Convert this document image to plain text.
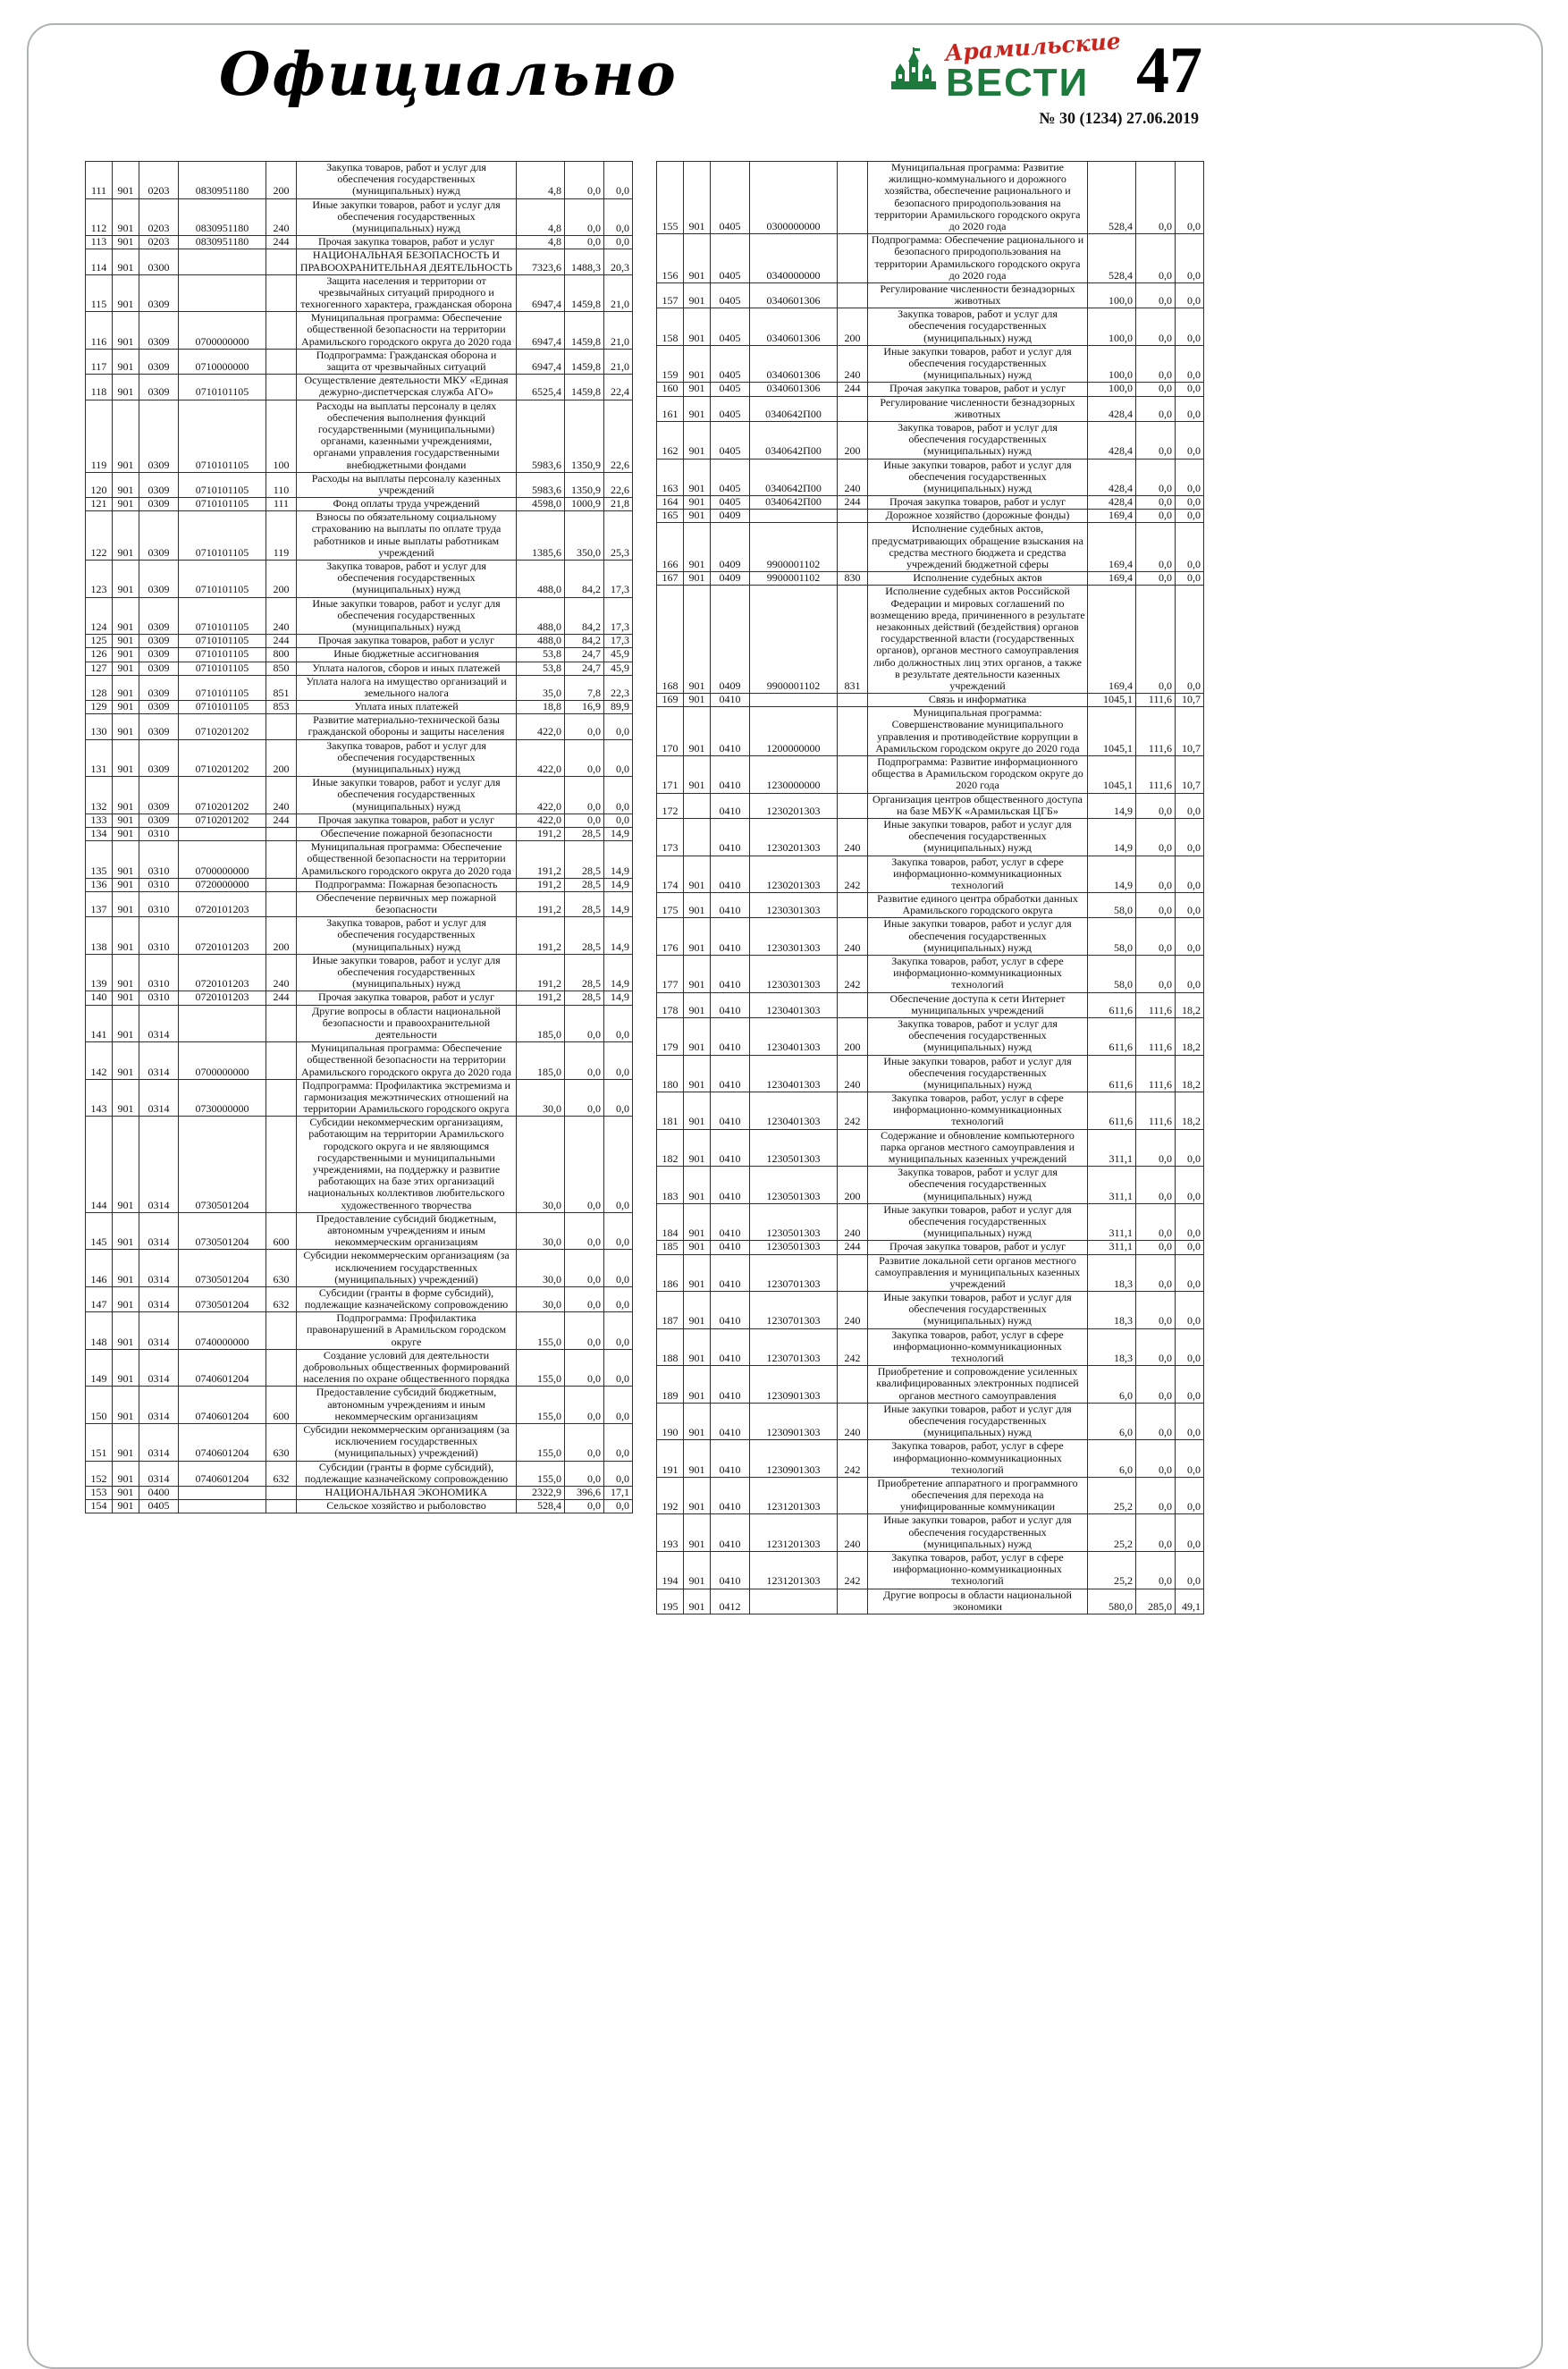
Официально	Арамильские
ВЕСТИ 47
№ 30 (1234) 27.06.2019
111	901	0203	0830951180	200	Закупка товаров, работ и услуг для обеспечения государственных (муниципальных) нужд	4,8	0,0	0,0
112	901	0203	0830951180	240	Иные закупки товаров, работ и услуг для обеспечения государственных (муниципальных) нужд	4,8	0,0	0,0
113	901	0203	0830951180	244	Прочая закупка товаров, работ и услуг	4,8	0,0	0,0
114	901	0300			НАЦИОНАЛЬНАЯ БЕЗОПАСНОСТЬ И ПРАВООХРАНИТЕЛЬНАЯ ДЕЯТЕЛЬНОСТЬ	7323,6	1488,3	20,3
115	901	0309			Защита населения и территории от чрезвычайных ситуаций природного и техногенного характера, гражданская оборона	6947,4	1459,8	21,0
116	901	0309	0700000000		Муниципальная программа: Обеспечение общественной безопасности на территории Арамильского городского округа до 2020 года	6947,4	1459,8	21,0
117	901	0309	0710000000		Подпрограмма: Гражданская оборона и защита от чрезвычайных ситуаций	6947,4	1459,8	21,0
118	901	0309	0710101105		Осуществление деятельности МКУ «Единая дежурно-диспетчерская служба АГО»	6525,4	1459,8	22,4
119	901	0309	0710101105	100	Расходы на выплаты персоналу в целях обеспечения выполнения функций государственными (муниципальными) органами, казенными учреждениями, органами управления государственными внебюджетными фондами	5983,6	1350,9	22,6
120	901	0309	0710101105	110	Расходы на выплаты персоналу казенных учреждений	5983,6	1350,9	22,6
121	901	0309	0710101105	111	Фонд оплаты труда учреждений	4598,0	1000,9	21,8
122	901	0309	0710101105	119	Взносы по обязательному социальному страхованию на выплаты по оплате труда работников и иные выплаты работникам учреждений	1385,6	350,0	25,3
123	901	0309	0710101105	200	Закупка товаров, работ и услуг для обеспечения государственных (муниципальных) нужд	488,0	84,2	17,3
124	901	0309	0710101105	240	Иные закупки товаров, работ и услуг для обеспечения государственных (муниципальных) нужд	488,0	84,2	17,3
125	901	0309	0710101105	244	Прочая закупка товаров, работ и услуг	488,0	84,2	17,3
126	901	0309	0710101105	800	Иные бюджетные ассигнования	53,8	24,7	45,9
127	901	0309	0710101105	850	Уплата налогов, сборов и иных платежей	53,8	24,7	45,9
128	901	0309	0710101105	851	Уплата налога на имущество организаций и земельного налога	35,0	7,8	22,3
129	901	0309	0710101105	853	Уплата иных платежей	18,8	16,9	89,9
130	901	0309	0710201202		Развитие материально-технической базы гражданской обороны и защиты населения	422,0	0,0	0,0
131	901	0309	0710201202	200	Закупка товаров, работ и услуг для обеспечения государственных (муниципальных) нужд	422,0	0,0	0,0
132	901	0309	0710201202	240	Иные закупки товаров, работ и услуг для обеспечения государственных (муниципальных) нужд	422,0	0,0	0,0
133	901	0309	0710201202	244	Прочая закупка товаров, работ и услуг	422,0	0,0	0,0
134	901	0310			Обеспечение пожарной безопасности	191,2	28,5	14,9
135	901	0310	0700000000		Муниципальная программа: Обеспечение общественной безопасности на территории Арамильского городского округа до 2020 года	191,2	28,5	14,9
136	901	0310	0720000000		Подпрограмма: Пожарная безопасность	191,2	28,5	14,9
137	901	0310	0720101203		Обеспечение первичных мер пожарной безопасности	191,2	28,5	14,9
138	901	0310	0720101203	200	Закупка товаров, работ и услуг для обеспечения государственных (муниципальных) нужд	191,2	28,5	14,9
139	901	0310	0720101203	240	Иные закупки товаров, работ и услуг для обеспечения государственных (муниципальных) нужд	191,2	28,5	14,9
140	901	0310	0720101203	244	Прочая закупка товаров, работ и услуг	191,2	28,5	14,9
141	901	0314			Другие вопросы в области национальной безопасности и правоохранительной деятельности	185,0	0,0	0,0
142	901	0314	0700000000		Муниципальная программа: Обеспечение общественной безопасности на территории Арамильского городского округа до 2020 года	185,0	0,0	0,0
143	901	0314	0730000000		Подпрограмма: Профилактика экстремизма и гармонизация межэтнических отношений на территории Арамильского городского округа	30,0	0,0	0,0
144	901	0314	0730501204		Субсидии некоммерческим организациям, работающим на территории Арамильского городского округа и не являющимся государственными и муниципальными учреждениями, на поддержку и развитие работающих на базе этих организаций национальных коллективов любительского художественного творчества	30,0	0,0	0,0
145	901	0314	0730501204	600	Предоставление субсидий бюджетным, автономным учреждениям и иным некоммерческим организациям	30,0	0,0	0,0
146	901	0314	0730501204	630	Субсидии некоммерческим организациям (за исключением государственных (муниципальных) учреждений)	30,0	0,0	0,0
147	901	0314	0730501204	632	Субсидии (гранты в форме субсидий), подлежащие казначейскому сопровождению	30,0	0,0	0,0
148	901	0314	0740000000		Подпрограмма: Профилактика правонарушений в Арамильском городском округе	155,0	0,0	0,0
149	901	0314	0740601204		Создание условий для деятельности добровольных общественных формирований населения по охране общественного порядка	155,0	0,0	0,0
150	901	0314	0740601204	600	Предоставление субсидий бюджетным, автономным учреждениям и иным некоммерческим организациям	155,0	0,0	0,0
151	901	0314	0740601204	630	Субсидии некоммерческим организациям (за исключением государственных (муниципальных) учреждений)	155,0	0,0	0,0
152	901	0314	0740601204	632	Субсидии (гранты в форме субсидий), подлежащие казначейскому сопровождению	155,0	0,0	0,0
153	901	0400			НАЦИОНАЛЬНАЯ ЭКОНОМИКА	2322,9	396,6	17,1
154	901	0405			Сельское хозяйство и рыболовство	528,4	0,0	0,0
155	901	0405	0300000000		Муниципальная программа: Развитие жилищно-коммунального и дорожного хозяйства, обеспечение рационального и безопасного природопользования на территории Арамильского городского округа до 2020 года	528,4	0,0	0,0
156	901	0405	0340000000		Подпрограмма: Обеспечение рационального и безопасного природопользования на территории Арамильского городского округа до 2020 года	528,4	0,0	0,0
157	901	0405	0340601306		Регулирование численности безнадзорных животных	100,0	0,0	0,0
158	901	0405	0340601306	200	Закупка товаров, работ и услуг для обеспечения государственных (муниципальных) нужд	100,0	0,0	0,0
159	901	0405	0340601306	240	Иные закупки товаров, работ и услуг для обеспечения государственных (муниципальных) нужд	100,0	0,0	0,0
160	901	0405	0340601306	244	Прочая закупка товаров, работ и услуг	100,0	0,0	0,0
161	901	0405	0340642П00		Регулирование численности безнадзорных животных	428,4	0,0	0,0
162	901	0405	0340642П00	200	Закупка товаров, работ и услуг для обеспечения государственных (муниципальных) нужд	428,4	0,0	0,0
163	901	0405	0340642П00	240	Иные закупки товаров, работ и услуг для обеспечения государственных (муниципальных) нужд	428,4	0,0	0,0
164	901	0405	0340642П00	244	Прочая закупка товаров, работ и услуг	428,4	0,0	0,0
165	901	0409			Дорожное хозяйство (дорожные фонды)	169,4	0,0	0,0
166	901	0409	9900001102		Исполнение судебных актов, предусматривающих обращение взыскания на средства местного бюджета и средства учреждений бюджетной сферы	169,4	0,0	0,0
167	901	0409	9900001102	830	Исполнение судебных актов	169,4	0,0	0,0
168	901	0409	9900001102	831	Исполнение судебных актов Российской Федерации и мировых соглашений по возмещению вреда, причиненного в результате незаконных действий (бездействия) органов государственной власти (государственных органов), органов местного самоуправления либо должностных лиц этих органов, а также в результате деятельности казенных учреждений	169,4	0,0	0,0
169	901	0410			Связь и информатика	1045,1	111,6	10,7
170	901	0410	1200000000		Муниципальная программа: Совершенствование муниципального управления и противодействие коррупции в Арамильском городском округе до 2020 года	1045,1	111,6	10,7
171	901	0410	1230000000		Подпрограмма: Развитие информационного общества в Арамильском городском округе до 2020 года	1045,1	111,6	10,7
172		0410	1230201303		Организация центров общественного доступа на базе МБУК «Арамильская ЦГБ»	14,9	0,0	0,0
173		0410	1230201303	240	Иные закупки товаров, работ и услуг для обеспечения государственных (муниципальных) нужд	14,9	0,0	0,0
174	901	0410	1230201303	242	Закупка товаров, работ, услуг в сфере информационно-коммуникационных технологий	14,9	0,0	0,0
175	901	0410	1230301303		Развитие единого центра обработки данных Арамильского городского округа	58,0	0,0	0,0
176	901	0410	1230301303	240	Иные закупки товаров, работ и услуг для обеспечения государственных (муниципальных) нужд	58,0	0,0	0,0
177	901	0410	1230301303	242	Закупка товаров, работ, услуг в сфере информационно-коммуникационных технологий	58,0	0,0	0,0
178	901	0410	1230401303		Обеспечение доступа к сети Интернет муниципальных учреждений	611,6	111,6	18,2
179	901	0410	1230401303	200	Закупка товаров, работ и услуг для обеспечения государственных (муниципальных) нужд	611,6	111,6	18,2
180	901	0410	1230401303	240	Иные закупки товаров, работ и услуг для обеспечения государственных (муниципальных) нужд	611,6	111,6	18,2
181	901	0410	1230401303	242	Закупка товаров, работ, услуг в сфере информационно-коммуникационных технологий	611,6	111,6	18,2
182	901	0410	1230501303		Содержание и обновление компьютерного парка органов местного самоуправления и муниципальных казенных учреждений	311,1	0,0	0,0
183	901	0410	1230501303	200	Закупка товаров, работ и услуг для обеспечения государственных (муниципальных) нужд	311,1	0,0	0,0
184	901	0410	1230501303	240	Иные закупки товаров, работ и услуг для обеспечения государственных (муниципальных) нужд	311,1	0,0	0,0
185	901	0410	1230501303	244	Прочая закупка товаров, работ и услуг	311,1	0,0	0,0
186	901	0410	1230701303		Развитие локальной сети органов местного самоуправления и муниципальных казенных учреждений	18,3	0,0	0,0
187	901	0410	1230701303	240	Иные закупки товаров, работ и услуг для обеспечения государственных (муниципальных) нужд	18,3	0,0	0,0
188	901	0410	1230701303	242	Закупка товаров, работ, услуг в сфере информационно-коммуникационных технологий	18,3	0,0	0,0
189	901	0410	1230901303		Приобретение и сопровождение усиленных квалифицированных электронных подписей органов местного самоуправления	6,0	0,0	0,0
190	901	0410	1230901303	240	Иные закупки товаров, работ и услуг для обеспечения государственных (муниципальных) нужд	6,0	0,0	0,0
191	901	0410	1230901303	242	Закупка товаров, работ, услуг в сфере информационно-коммуникационных технологий	6,0	0,0	0,0
192	901	0410	1231201303		Приобретение аппаратного и программного обеспечения для перехода на унифицированные коммуникации	25,2	0,0	0,0
193	901	0410	1231201303	240	Иные закупки товаров, работ и услуг для обеспечения государственных (муниципальных) нужд	25,2	0,0	0,0
194	901	0410	1231201303	242	Закупка товаров, работ, услуг в сфере информационно-коммуникационных технологий	25,2	0,0	0,0
195	901	0412			Другие вопросы в области национальной экономики	580,0	285,0	49,1
